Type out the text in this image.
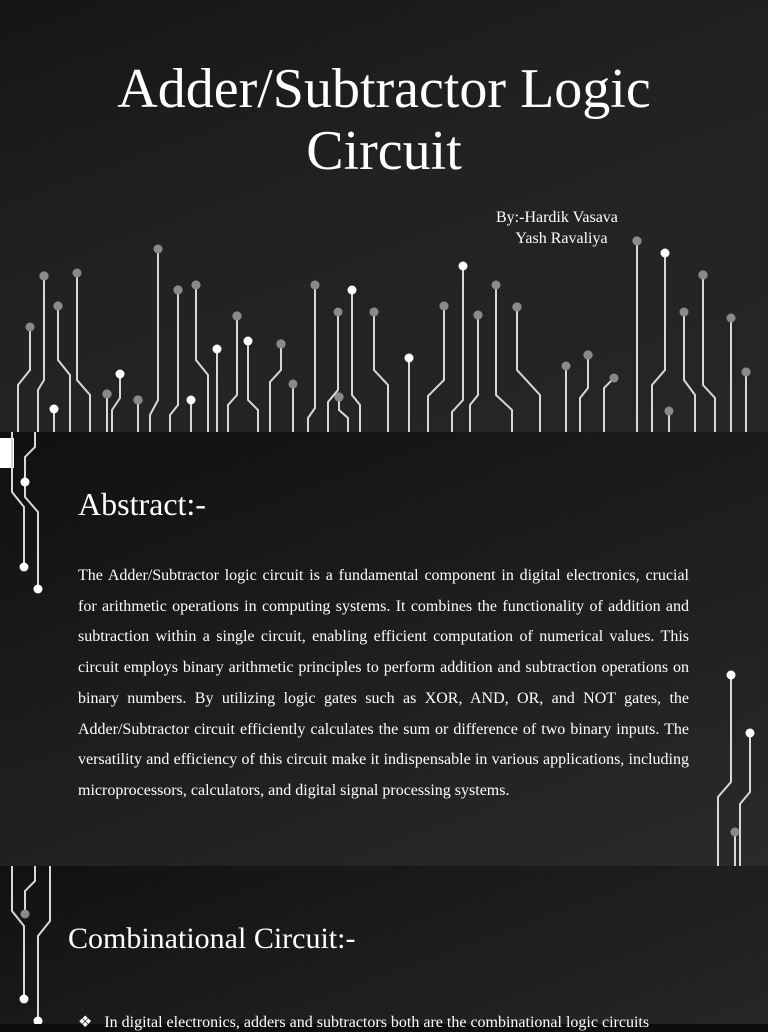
Adder/Subtractor Logic
Circuit
By:-Hardik Vasava
Yash Ravaliya
Abstract:-

The Adder/Subtractor logic circuit is a fundamental component in digital electronics, crucial for arithmetic operations in computing systems. It combines the functionality of addition and subtraction within a single circuit, enabling efficient computation of numerical values. This circuit employs binary arithmetic principles to perform addition and subtraction operations on binary numbers. By utilizing logic gates such as XOR, AND, OR, and NOT gates, the Adder/Subtractor circuit efficiently calculates the sum or difference of two binary inputs. The versatility and efficiency of this circuit make it indispensable in various applications, including microprocessors, calculators, and digital signal processing systems.

Combinational Circuit:-
❖ In digital electronics, adders and subtractors both are the combinational logic circuits
